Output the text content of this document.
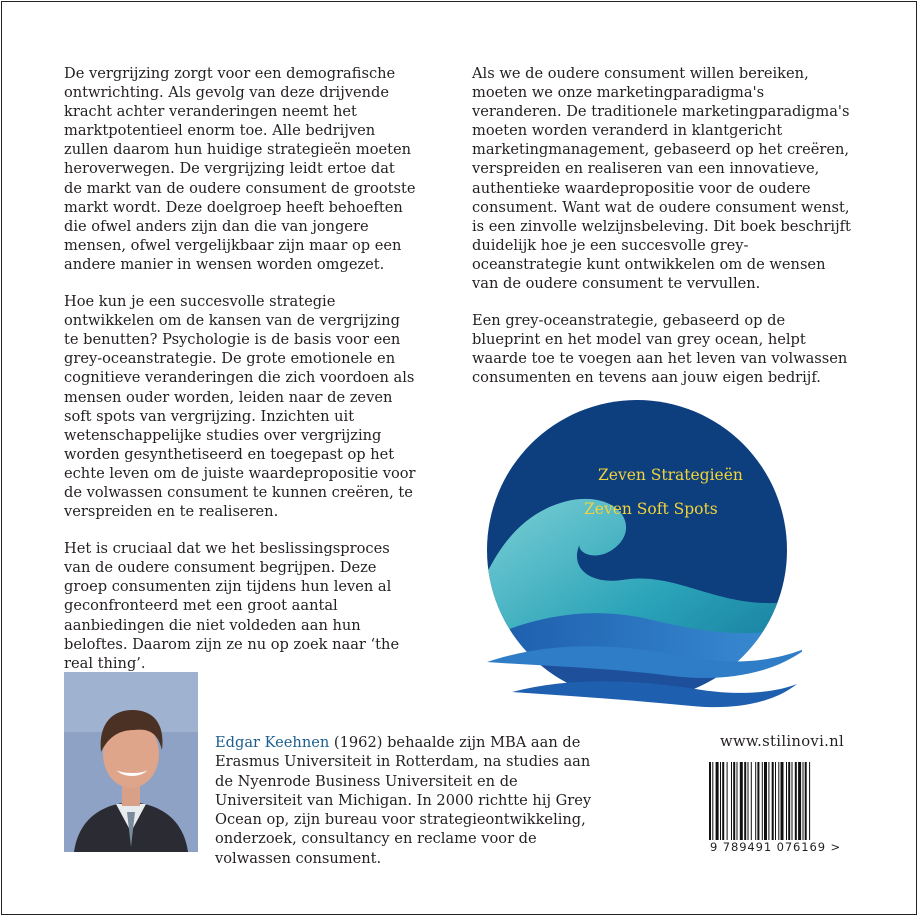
De vergrijzing zorgt voor een demografische ontwrichting. Als gevolg van deze drijvende kracht achter veranderingen neemt het marktpotentieel enorm toe. Alle bedrijven zullen daarom hun huidige strategieën moeten heroverwegen. De vergrijzing leidt ertoe dat de markt van de oudere consument de grootste markt wordt. Deze doelgroep heeft behoeften die ofwel anders zijn dan die van jongere mensen, ofwel vergelijkbaar zijn maar op een andere manier in wensen worden omgezet.

Hoe kun je een succesvolle strategie ontwikkelen om de kansen van de vergrijzing te benutten? Psychologie is de basis voor een grey-oceanstrategie. De grote emotionele en cognitieve veranderingen die zich voordoen als mensen ouder worden, leiden naar de zeven soft spots van vergrijzing. Inzichten uit wetenschappelijke studies over vergrijzing worden gesynthetiseerd en toegepast op het echte leven om de juiste waardepropositie voor de volwassen consument te kunnen creëren, te verspreiden en te realiseren.

Het is cruciaal dat we het beslissingsproces van de oudere consument begrijpen. Deze groep consumenten zijn tijdens hun leven al geconfronteerd met een groot aantal aanbiedingen die niet voldeden aan hun beloftes. Daarom zijn ze nu op zoek naar ‘the real thing’.

Als we de oudere consument willen bereiken, moeten we onze marketingparadigma's veranderen. De traditionele marketingparadigma's moeten worden veranderd in klantgericht marketingmanagement, gebaseerd op het creëren, verspreiden en realiseren van een innovatieve, authentieke waardepropositie voor de oudere consument. Want wat de oudere consument wenst, is een zinvolle welzijnsbeleving. Dit boek beschrijft duidelijk hoe je een succesvolle grey-oceanstrategie kunt ontwikkelen om de wensen van de oudere consument te vervullen.

Een grey-oceanstrategie, gebaseerd op de blueprint en het model van grey ocean, helpt waarde toe te voegen aan het leven van volwassen consumenten en tevens aan jouw eigen bedrijf.

Zeven Strategieën
Zeven Soft Spots
Edgar Keehnen (1962) behaalde zijn MBA aan de Erasmus Universiteit in Rotterdam, na studies aan de Nyenrode Business Universiteit en de Universiteit van Michigan. In 2000 richtte hij Grey Ocean op, zijn bureau voor strategieontwikkeling, onderzoek, consultancy en reclame voor de volwassen consument.
www.stilinovi.nl
9 789491 076169 >
